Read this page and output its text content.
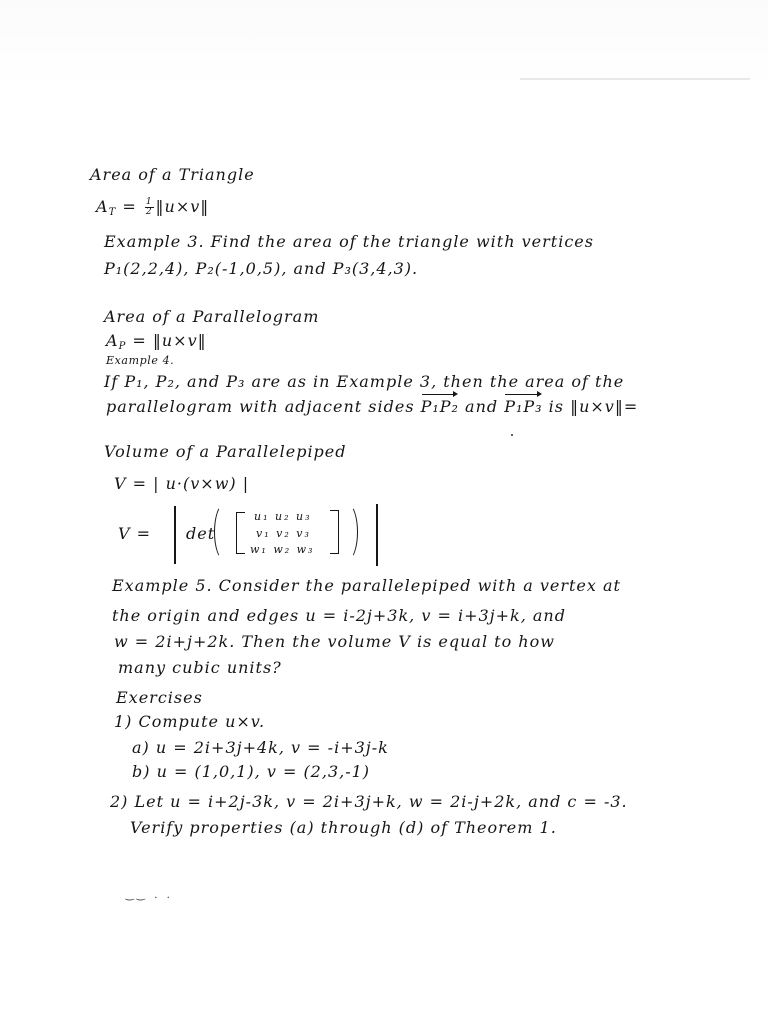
Area of a Triangle
$A_T = \frac{1}{2}$ ‖u×v‖
Example 3. Find the area of the triangle with vertices
P₁(2,2,4), P₂(-1,0,5), and P₃(3,4,3).
Area of a Parallelogram
$A_P$ = ‖u×v‖
Example 4.
If P₁, P₂, and P₃ are as in Example 3, then the area of the
parallelogram with adjacent sides P₁P₂ and P₁P₃ is ‖u×v‖=
Volume of a Parallelepiped
V = | u·(v×w) |
V = det
u₁ u₂ u₃
v₁ v₂ v₃
w₁ w₂ w₃
Example 5. Consider the parallelepiped with a vertex at
the origin and edges u = i-2j+3k, v = i+3j+k, and
w = 2i+j+2k. Then the volume V is equal to how
many cubic units?
Exercises
1) Compute u×v.
a) u = 2i+3j+4k, v = -i+3j-k
b) u = (1,0,1), v = (2,3,-1)
2) Let u = i+2j-3k, v = 2i+3j+k, w = 2i-j+2k, and c = -3.
Verify properties (a) through (d) of Theorem 1.
‿‿ . .
